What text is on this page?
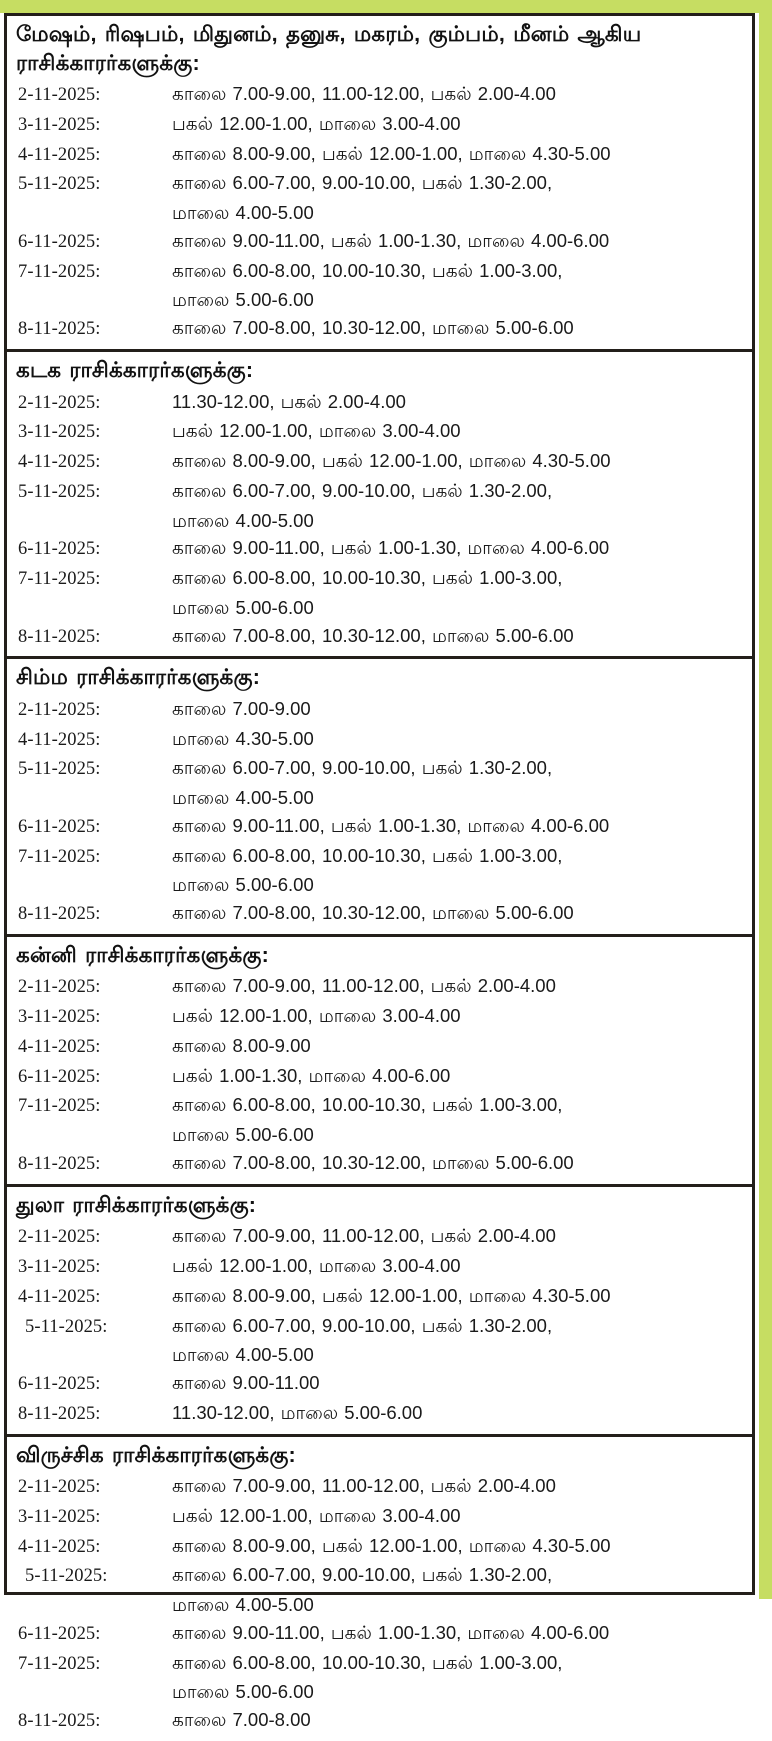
மேஷம், ரிஷபம், மிதுனம், தனுசு, மகரம், கும்பம், மீனம் ஆகிய ராசிக்காரர்களுக்கு:
2-11-2025:	காலை 7.00-9.00, 11.00-12.00, பகல் 2.00-4.00
3-11-2025:	பகல் 12.00-1.00, மாலை 3.00-4.00
4-11-2025:	காலை 8.00-9.00, பகல் 12.00-1.00, மாலை 4.30-5.00
5-11-2025:	காலை 6.00-7.00, 9.00-10.00, பகல் 1.30-2.00,
மாலை 4.00-5.00
6-11-2025:	காலை 9.00-11.00, பகல் 1.00-1.30, மாலை 4.00-6.00
7-11-2025:	காலை 6.00-8.00, 10.00-10.30, பகல் 1.00-3.00,
மாலை 5.00-6.00
8-11-2025:	காலை 7.00-8.00, 10.30-12.00, மாலை 5.00-6.00
கடக ராசிக்காரர்களுக்கு:
2-11-2025:	11.30-12.00, பகல் 2.00-4.00
3-11-2025:	பகல் 12.00-1.00, மாலை 3.00-4.00
4-11-2025:	காலை 8.00-9.00, பகல் 12.00-1.00, மாலை 4.30-5.00
5-11-2025:	காலை 6.00-7.00, 9.00-10.00, பகல் 1.30-2.00,
மாலை 4.00-5.00
6-11-2025:	காலை 9.00-11.00, பகல் 1.00-1.30, மாலை 4.00-6.00
7-11-2025:	காலை 6.00-8.00, 10.00-10.30, பகல் 1.00-3.00,
மாலை 5.00-6.00
8-11-2025:	காலை 7.00-8.00, 10.30-12.00, மாலை 5.00-6.00
சிம்ம ராசிக்காரர்களுக்கு:
2-11-2025:	காலை 7.00-9.00
4-11-2025:	மாலை 4.30-5.00
5-11-2025:	காலை 6.00-7.00, 9.00-10.00, பகல் 1.30-2.00,
மாலை 4.00-5.00
6-11-2025:	காலை 9.00-11.00, பகல் 1.00-1.30, மாலை 4.00-6.00
7-11-2025:	காலை 6.00-8.00, 10.00-10.30, பகல் 1.00-3.00,
மாலை 5.00-6.00
8-11-2025:	காலை 7.00-8.00, 10.30-12.00, மாலை 5.00-6.00
கன்னி ராசிக்காரர்களுக்கு:
2-11-2025:	காலை 7.00-9.00, 11.00-12.00, பகல் 2.00-4.00
3-11-2025:	பகல் 12.00-1.00, மாலை 3.00-4.00
4-11-2025:	காலை 8.00-9.00
6-11-2025:	பகல் 1.00-1.30, மாலை 4.00-6.00
7-11-2025:	காலை 6.00-8.00, 10.00-10.30, பகல் 1.00-3.00,
மாலை 5.00-6.00
8-11-2025:	காலை 7.00-8.00, 10.30-12.00, மாலை 5.00-6.00
துலா ராசிக்காரர்களுக்கு:
2-11-2025:	காலை 7.00-9.00, 11.00-12.00, பகல் 2.00-4.00
3-11-2025:	பகல் 12.00-1.00, மாலை 3.00-4.00
4-11-2025:	காலை 8.00-9.00, பகல் 12.00-1.00, மாலை 4.30-5.00
5-11-2025:	காலை 6.00-7.00, 9.00-10.00, பகல் 1.30-2.00,
மாலை 4.00-5.00
6-11-2025:	காலை 9.00-11.00
8-11-2025:	11.30-12.00, மாலை 5.00-6.00
விருச்சிக ராசிக்காரர்களுக்கு:
2-11-2025:	காலை 7.00-9.00, 11.00-12.00, பகல் 2.00-4.00
3-11-2025:	பகல் 12.00-1.00, மாலை 3.00-4.00
4-11-2025:	காலை 8.00-9.00, பகல் 12.00-1.00, மாலை 4.30-5.00
5-11-2025:	காலை 6.00-7.00, 9.00-10.00, பகல் 1.30-2.00,
மாலை 4.00-5.00
6-11-2025:	காலை 9.00-11.00, பகல் 1.00-1.30, மாலை 4.00-6.00
7-11-2025:	காலை 6.00-8.00, 10.00-10.30, பகல் 1.00-3.00,
மாலை 5.00-6.00
8-11-2025:	காலை 7.00-8.00
